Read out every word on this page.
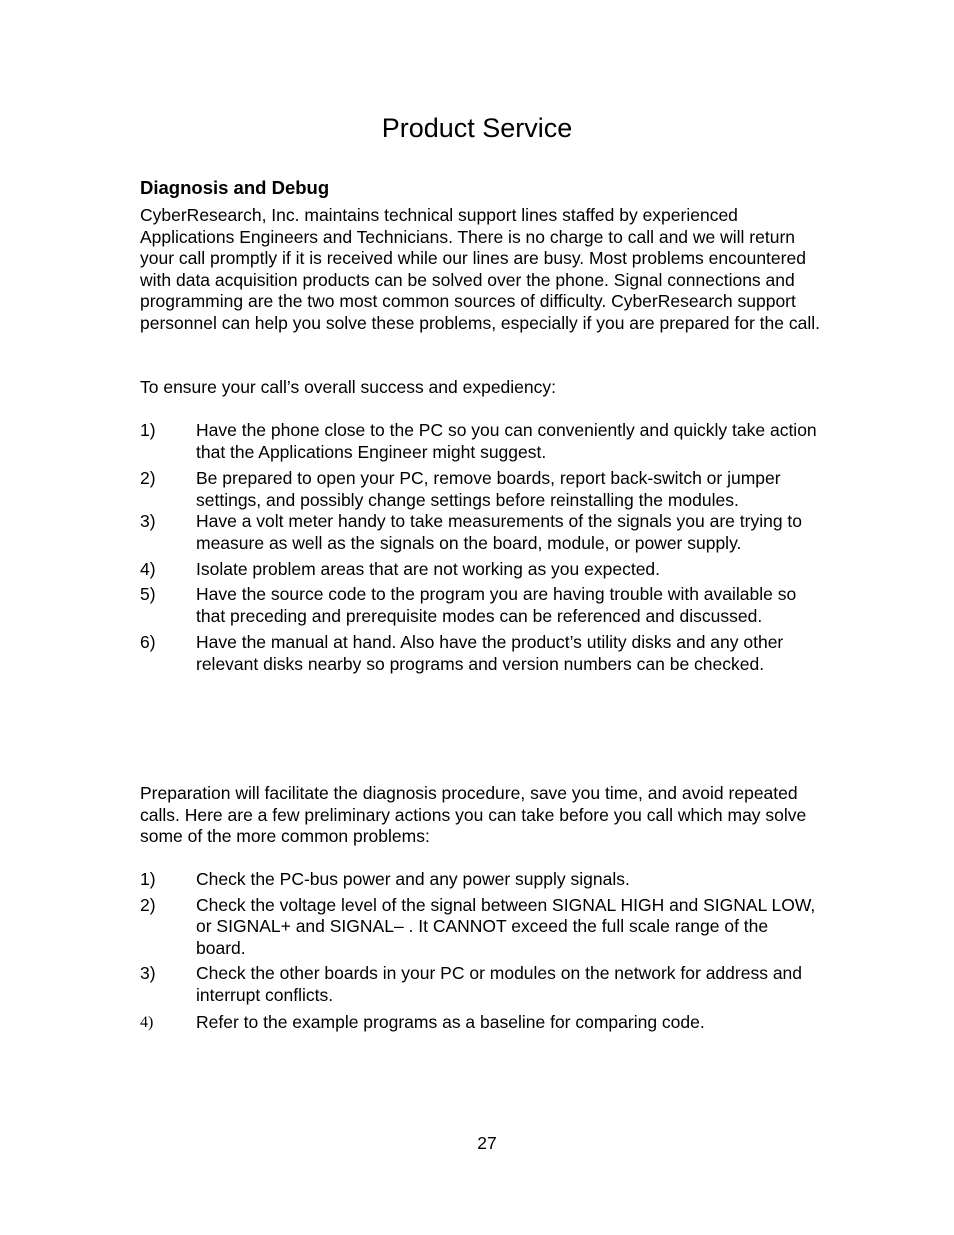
Product Service
Diagnosis and Debug

CyberResearch, Inc. maintains technical support lines staffed by experienced Applications Engineers and Technicians. There is no charge to call and we will return your call promptly if it is received while our lines are busy. Most problems encountered with data acquisition products can be solved over the phone. Signal connections and programming are the two most common sources of difficulty. CyberResearch support personnel can help you solve these problems, especially if you are prepared for the call.

To ensure your call’s overall success and expediency:

1)	Have the phone close to the PC so you can conveniently and quickly take action that the Applications Engineer might suggest.
2)	Be prepared to open your PC, remove boards, report back-switch or jumper settings, and possibly change settings before reinstalling the modules.
3)	Have a volt meter handy to take measurements of the signals you are trying to measure as well as the signals on the board, module, or power supply.
4)	Isolate problem areas that are not working as you expected.
5)	Have the source code to the program you are having trouble with available so that preceding and prerequisite modes can be referenced and discussed.
6)	Have the manual at hand. Also have the product’s utility disks and any other relevant disks nearby so programs and version numbers can be checked.

Preparation will facilitate the diagnosis procedure, save you time, and avoid repeated calls. Here are a few preliminary actions you can take before you call which may solve some of the more common problems:

1)	Check the PC-bus power and any power supply signals.
2)	Check the voltage level of the signal between SIGNAL HIGH and SIGNAL LOW, or SIGNAL+ and SIGNAL– . It CANNOT exceed the full scale range of the board.
3)	Check the other boards in your PC or modules on the network for address and interrupt conflicts.
4)	Refer to the example programs as a baseline for comparing code.
27
